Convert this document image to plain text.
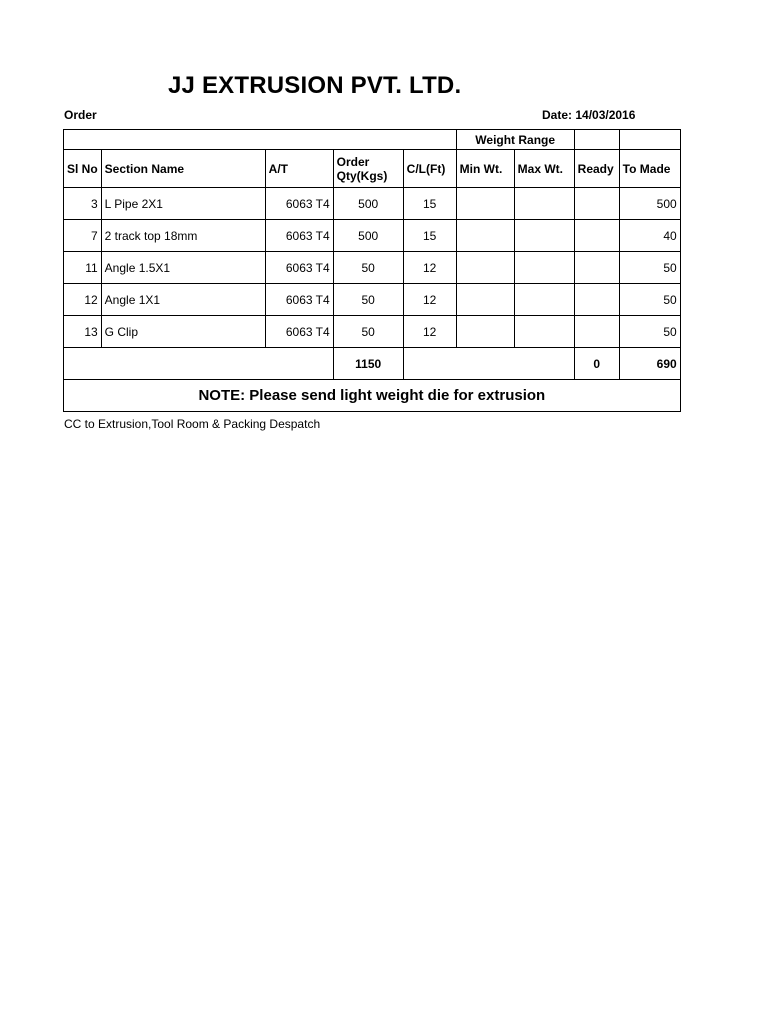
JJ EXTRUSION PVT. LTD.
Order	Date: 14/03/2016
					Weight Range			
Sl No	Section Name	A/T	Order
Qty(Kgs)	C/L(Ft)	Min Wt.	Max Wt.	Ready	To Made
3	L Pipe 2X1	6063 T4	500	15				500
7	2 track top 18mm	6063 T4	500	15				40
11	Angle 1.5X1	6063 T4	50	12				50
12	Angle 1X1	6063 T4	50	12				50
13	G Clip	6063 T4	50	12				50
			1150				0	690
NOTE: Please send light weight die for extrusion								
CC to Extrusion,Tool Room & Packing Despatch
